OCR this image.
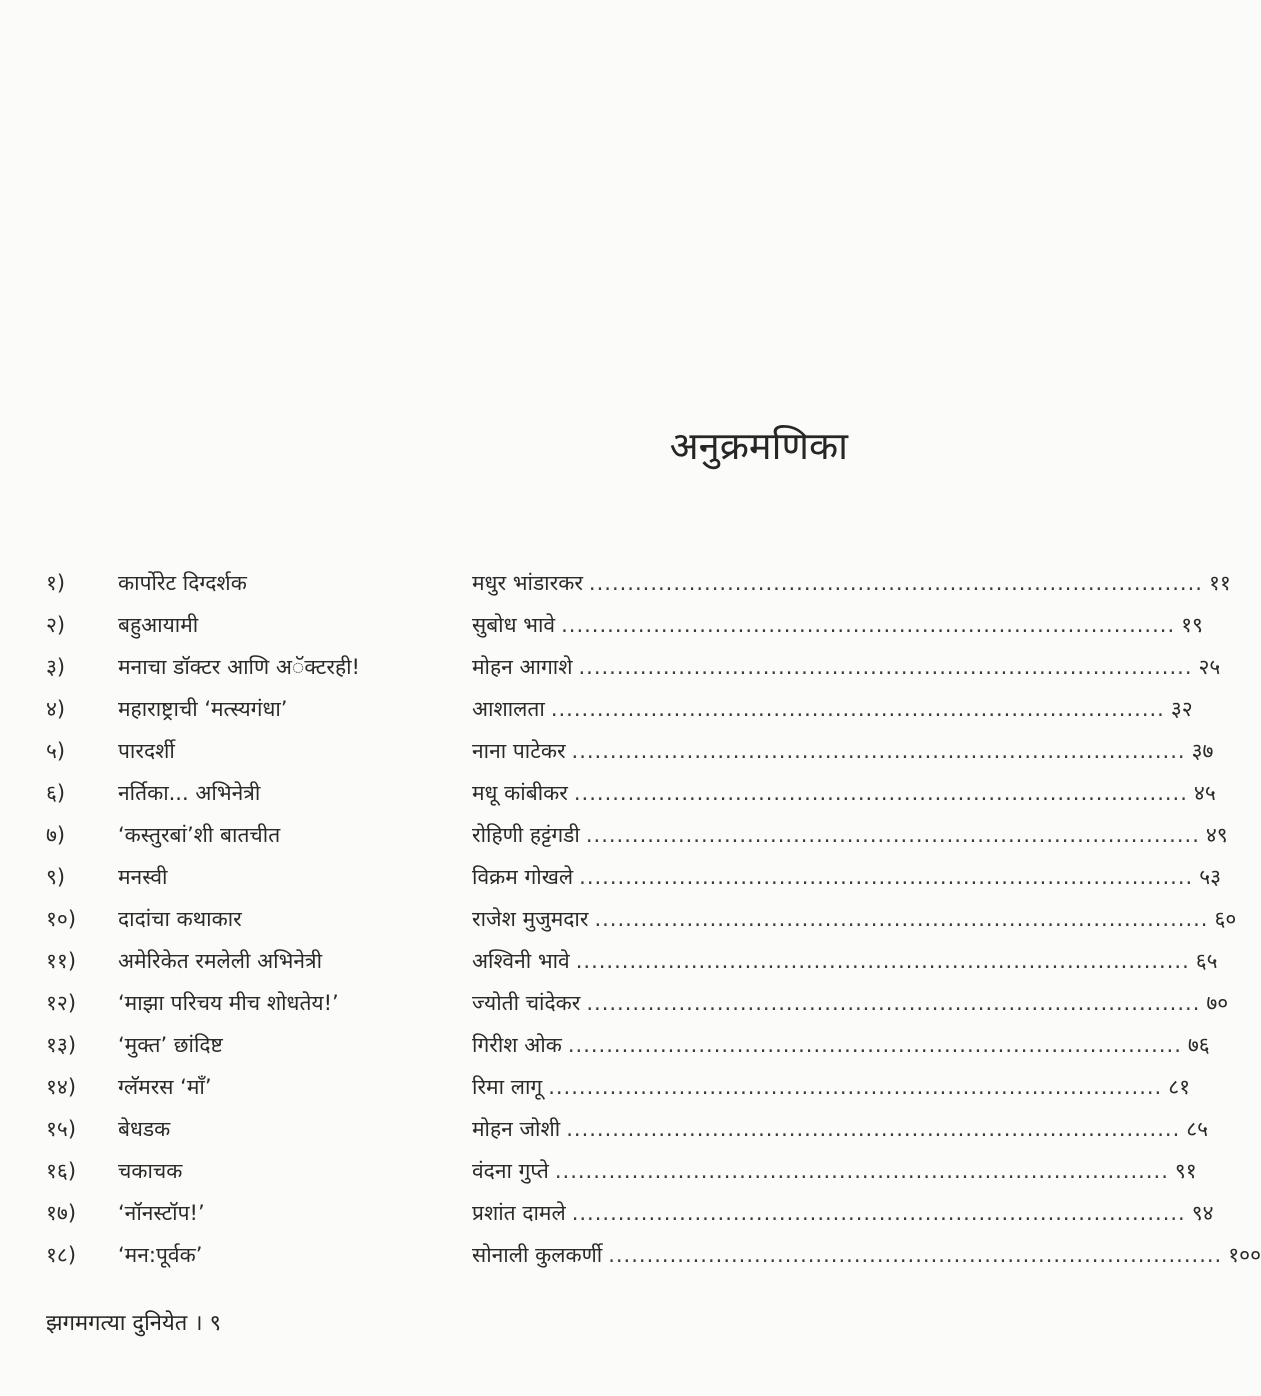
अनुक्रमणिका
१)	कार्पोरेट दिग्दर्शक	मधुर भांडारकर ................................................................................ ११
२)	बहुआयामी	सुबोध भावे ................................................................................ १९
३)	मनाचा डॉक्टर आणि अॅक्टरही!	मोहन आगाशे ................................................................................ २५
४)	महाराष्ट्राची ‘मत्स्यगंधा’	आशालता ................................................................................ ३२
५)	पारदर्शी	नाना पाटेकर ................................................................................ ३७
६)	नर्तिका... अभिनेत्री	मधू कांबीकर ................................................................................ ४५
७)	‘कस्तुरबां’शी बातचीत	रोहिणी हट्टंगडी ................................................................................ ४९
९)	मनस्वी	विक्रम गोखले ................................................................................ ५३
१०) दादांचा कथाकार	राजेश मुजुमदार ................................................................................ ६०
११) अमेरिकेत रमलेली अभिनेत्री	अश्विनी भावे ................................................................................ ६५
१२) ‘माझा परिचय मीच शोधतेय!’	ज्योती चांदेकर ................................................................................ ७०
१३) ‘मुक्त’ छांदिष्ट	गिरीश ओक ................................................................................ ७६
१४) ग्लॅमरस ‘माँ’	रिमा लागू ................................................................................ ८१
१५) बेधडक	मोहन जोशी ................................................................................ ८५
१६) चकाचक	वंदना गुप्ते ................................................................................ ९१
१७) ‘नॉनस्टॉप!’	प्रशांत दामले ................................................................................ ९४
१८) ‘मन:पूर्वक’	सोनाली कुलकर्णी ................................................................................ १००
झगमगत्या दुनियेत । ९
